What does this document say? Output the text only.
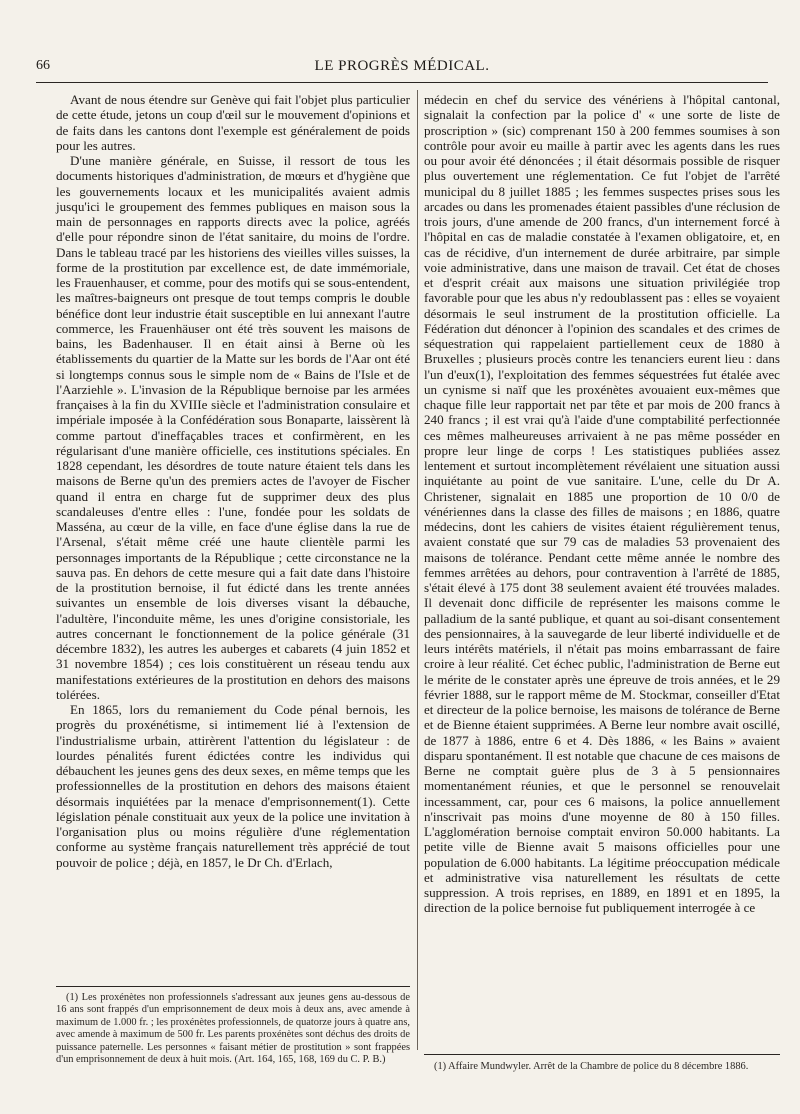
66	LE PROGRÈS MÉDICAL.

Avant de nous étendre sur Genève qui fait l'objet plus particulier de cette étude, jetons un coup d'œil sur le mouvement d'opinions et de faits dans les cantons dont l'exemple est généralement de poids pour les autres.

D'une manière générale, en Suisse, il ressort de tous les documents historiques d'administration, de mœurs et d'hygiène que les gouvernements locaux et les municipalités avaient admis jusqu'ici le groupement des femmes publiques en maison sous la main de personnages en rapports directs avec la police, agréés d'elle pour répondre sinon de l'état sanitaire, du moins de l'ordre. Dans le tableau tracé par les historiens des vieilles villes suisses, la forme de la prostitution par excellence est, de date immémoriale, les Frauenhauser, et comme, pour des motifs qui se sous-entendent, les maîtres-baigneurs ont presque de tout temps compris le double bénéfice dont leur industrie était susceptible en lui annexant l'autre commerce, les Frauenhäuser ont été très souvent les maisons de bains, les Badenhauser. Il en était ainsi à Berne où les établissements du quartier de la Matte sur les bords de l'Aar ont été si longtemps connus sous le simple nom de « Bains de l'Isle et de l'Aarziehle ». L'invasion de la République bernoise par les armées françaises à la fin du XVIIIe siècle et l'administration consulaire et impériale imposée à la Confédération sous Bonaparte, laissèrent là comme partout d'ineffaçables traces et confirmèrent, en les régularisant d'une manière officielle, ces institutions spéciales. En 1828 cependant, les désordres de toute nature étaient tels dans les maisons de Berne qu'un des premiers actes de l'avoyer de Fischer quand il entra en charge fut de supprimer deux des plus scandaleuses d'entre elles : l'une, fondée pour les soldats de Masséna, au cœur de la ville, en face d'une église dans la rue de l'Arsenal, s'était même créé une haute clientèle parmi les personnages importants de la République ; cette circonstance ne la sauva pas. En dehors de cette mesure qui a fait date dans l'histoire de la prostitution bernoise, il fut édicté dans les trente années suivantes un ensemble de lois diverses visant la débauche, l'adultère, l'inconduite même, les unes d'origine consistoriale, les autres concernant le fonctionnement de la police générale (31 décembre 1832), les autres les auberges et cabarets (4 juin 1852 et 31 novembre 1854) ; ces lois constituèrent un réseau tendu aux manifestations extérieures de la prostitution en dehors des maisons tolérées.

En 1865, lors du remaniement du Code pénal bernois, les progrès du proxénétisme, si intimement lié à l'extension de l'industrialisme urbain, attirèrent l'attention du législateur : de lourdes pénalités furent édictées contre les individus qui débauchent les jeunes gens des deux sexes, en même temps que les professionnelles de la prostitution en dehors des maisons étaient désormais inquiétées par la menace d'emprisonnement(1). Cette législation pénale constituait aux yeux de la police une invitation à l'organisation plus ou moins régulière d'une réglementation conforme au système français naturellement très apprécié de tout pouvoir de police ; déjà, en 1857, le Dr Ch. d'Erlach,

médecin en chef du service des vénériens à l'hôpital cantonal, signalait la confection par la police d' « une sorte de liste de proscription » (sic) comprenant 150 à 200 femmes soumises à son contrôle pour avoir eu maille à partir avec les agents dans les rues ou pour avoir été dénoncées ; il était désormais possible de risquer plus ouvertement une réglementation. Ce fut l'objet de l'arrêté municipal du 8 juillet 1885 ; les femmes suspectes prises sous les arcades ou dans les promenades étaient passibles d'une réclusion de trois jours, d'une amende de 200 francs, d'un internement forcé à l'hôpital en cas de maladie constatée à l'examen obligatoire, et, en cas de récidive, d'un internement de durée arbitraire, par simple voie administrative, dans une maison de travail. Cet état de choses et d'esprit créait aux maisons une situation privilégiée trop favorable pour que les abus n'y redoublassent pas : elles se voyaient désormais le seul instrument de la prostitution officielle. La Fédération dut dénoncer à l'opinion des scandales et des crimes de séquestration qui rappelaient partiellement ceux de 1880 à Bruxelles ; plusieurs procès contre les tenanciers eurent lieu : dans l'un d'eux(1), l'exploitation des femmes séquestrées fut étalée avec un cynisme si naïf que les proxénètes avouaient eux-mêmes que chaque fille leur rapportait net par tête et par mois de 200 francs à 240 francs ; il est vrai qu'à l'aide d'une comptabilité perfectionnée ces mêmes malheureuses arrivaient à ne pas même posséder en propre leur linge de corps ! Les statistiques publiées assez lentement et surtout incomplètement révélaient une situation aussi inquiétante au point de vue sanitaire. L'une, celle du Dr A. Christener, signalait en 1885 une proportion de 10 0/0 de vénériennes dans la classe des filles de maisons ; en 1886, quatre médecins, dont les cahiers de visites étaient régulièrement tenus, avaient constaté que sur 79 cas de maladies 53 provenaient des maisons de tolérance. Pendant cette même année le nombre des femmes arrêtées au dehors, pour contravention à l'arrêté de 1885, s'était élevé à 175 dont 38 seulement avaient été trouvées malades. Il devenait donc difficile de représenter les maisons comme le palladium de la santé publique, et quant au soi-disant consentement des pensionnaires, à la sauvegarde de leur liberté individuelle et de leurs intérêts matériels, il n'était pas moins embarrassant de faire croire à leur réalité. Cet échec public, l'administration de Berne eut le mérite de le constater après une épreuve de trois années, et le 29 février 1888, sur le rapport même de M. Stockmar, conseiller d'Etat et directeur de la police bernoise, les maisons de tolérance de Berne et de Bienne étaient supprimées. A Berne leur nombre avait oscillé, de 1877 à 1886, entre 6 et 4. Dès 1886, « les Bains » avaient disparu spontanément. Il est notable que chacune de ces maisons de Berne ne comptait guère plus de 3 à 5 pensionnaires momentanément réunies, et que le personnel se renouvelait incessamment, car, pour ces 6 maisons, la police annuellement n'inscrivait pas moins d'une moyenne de 80 à 150 filles. L'agglomération bernoise comptait environ 50.000 habitants. La petite ville de Bienne avait 5 maisons officielles pour une population de 6.000 habitants. La légitime préoccupation médicale et administrative visa naturellement les résultats de cette suppression. A trois reprises, en 1889, en 1891 et en 1895, la direction de la police bernoise fut publiquement interrogée à ce

(1) Les proxénètes non professionnels s'adressant aux jeunes gens au-dessous de 16 ans sont frappés d'un emprisonnement de deux mois à deux ans, avec amende à maximum de 1.000 fr. ; les proxénètes professionnels, de quatorze jours à quatre ans, avec amende à maximum de 500 fr. Les parents proxénètes sont déchus des droits de puissance paternelle. Les personnes « faisant métier de prostitution » sont frappées d'un emprisonnement de deux à huit mois. (Art. 164, 165, 168, 169 du C. P. B.)

(1) Affaire Mundwyler. Arrêt de la Chambre de police du 8 décembre 1886.
